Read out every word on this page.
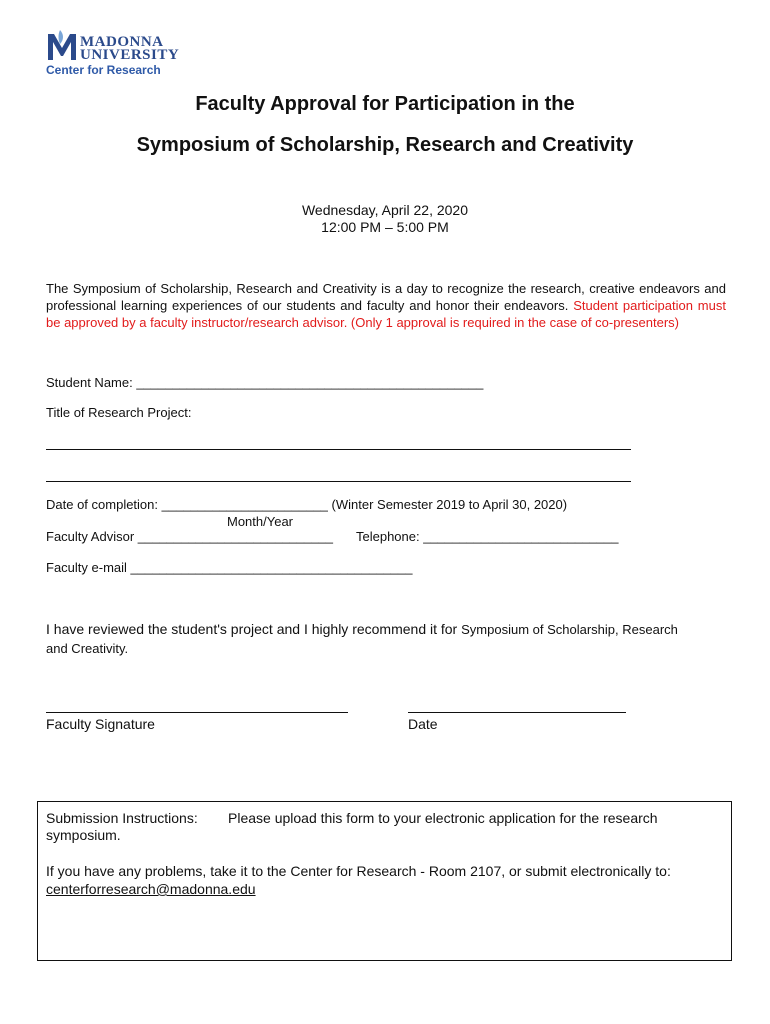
MADONNA
UNIVERSITY
Center for Research
Faculty Approval for Participation in the
Symposium of Scholarship, Research and Creativity
Wednesday, April 22, 2020
12:00 PM – 5:00 PM
The Symposium of Scholarship, Research and Creativity is a day to recognize the research, creative endeavors and professional learning experiences of our students and faculty and honor their endeavors. Student participation must be approved by a faculty instructor/research advisor. (Only 1 approval is required in the case of co-presenters)
Student Name: ________________________________________________
Title of Research Project:
Date of completion: _______________________ (Winter Semester 2019 to April 30, 2020)
Month/Year
Faculty Advisor ___________________________ Telephone: ___________________________
Faculty e-mail _______________________________________
I have reviewed the student's project and I highly recommend it for Symposium of Scholarship, Research
and Creativity.
Faculty Signature	Date
Submission Instructions: Please upload this form to your electronic application for the research
symposium.
If you have any problems, take it to the Center for Research - Room 2107, or submit electronically to:
centerforresearch@madonna.edu
